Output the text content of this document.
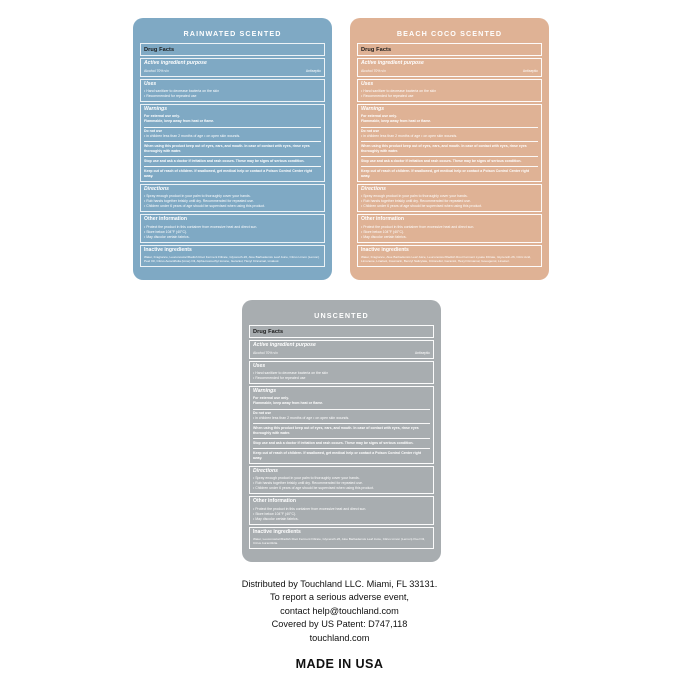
RAINWATED SCENTED
Drug Facts
Active ingredient purpose
Alcohol 70% v/v	Antiseptic
Uses
• Hand sanitizer to decrease bacteria on the skin
• Recommended for repeated use
Warnings
For external use only.
Flammable, keep away from heat or flame.
Do not use
• in children less than 2 months of age • on open skin wounds.
When using this product keep out of eyes, ears, and mouth. In case of contact with eyes, rinse eyes thoroughly with water.
Stop use and ask a doctor if irritation and rash occurs. These may be signs of serious condition.
Keep out of reach of children. If swallowed, get medical help or contact a Poison Control Center right away.
Directions
• Spray enough product in your palm to thoroughly cover your hands.
• Rub hands together briskly until dry. Recommended for repeated use.
• Children under 6 years of age should be supervised when using this product.
Other information
• Protect the product in this container from excessive heat and direct sun.
• Store below 104°F (40°C).
• May discolor certain fabrics.
Inactive ingredients
Water, Fragrance, Leuconostoc/Radish Root Ferment Filtrate, Glycereth-26, Aloe Barbadensis Leaf Juice, Citrus Limon (Lemon) Peel Oil, Citrus Aurantifolia (Lime) Oil, Alpha-Isomethyl Ionone, Geraniol, Hexyl Cinnamal, Linalool.
BEACH COCO SCENTED
Drug Facts
Active ingredient purpose
Alcohol 70% v/v	Antiseptic
Uses
• Hand sanitizer to decrease bacteria on the skin
• Recommended for repeated use
Warnings
For external use only.
Flammable, keep away from heat or flame.
Do not use
• in children less than 2 months of age • on open skin wounds.
When using this product keep out of eyes, ears, and mouth. In case of contact with eyes, rinse eyes thoroughly with water.
Stop use and ask a doctor if irritation and rash occurs. These may be signs of serious condition.
Keep out of reach of children. If swallowed, get medical help or contact a Poison Control Center right away.
Directions
• Spray enough product in your palm to thoroughly cover your hands.
• Rub hands together briskly until dry. Recommended for repeated use.
• Children under 6 years of age should be supervised when using this product.
Other information
• Protect the product in this container from excessive heat and direct sun.
• Store below 104°F (40°C).
• May discolor certain fabrics.
Inactive ingredients
Water, Fragrance, Aloe Barbadensis Leaf Juice, Leuconostoc/Radish Root Ferment Lysate Filtrate, Glycereth-26, Citric Acid, Limonene, Linalool, Coumarin, Benzyl Salicylate, Citronellol, Geraniol, Hexyl Cinnamal, Isoeugenol, Linalool.
UNSCENTED
Drug Facts
Active ingredient purpose
Alcohol 70% v/v	Antiseptic
Uses
• Hand sanitizer to decrease bacteria on the skin
• Recommended for repeated use
Warnings
For external use only.
Flammable, keep away from heat or flame.
Do not use
• in children less than 2 months of age • on open skin wounds.
When using this product keep out of eyes, ears, and mouth. In case of contact with eyes, rinse eyes thoroughly with water.
Stop use and ask a doctor if irritation and rash occurs. These may be signs of serious condition.
Keep out of reach of children. If swallowed, get medical help or contact a Poison Control Center right away.
Directions
• Spray enough product in your palm to thoroughly cover your hands.
• Rub hands together briskly until dry. Recommended for repeated use.
• Children under 6 years of age should be supervised when using this product.
Other information
• Protect the product in this container from excessive heat and direct sun.
• Store below 104°F (40°C).
• May discolor certain fabrics.
Inactive ingredients
Water, Leuconostoc/Radish Root Ferment Filtrate, Glycereth-26, Aloe Barbadensis Leaf Juice, Citrus Limon (Lemon) Peel Oil, Citrus Aurantifolia.

Distributed by Touchland LLC. Miami, FL 33131.

To report a serious adverse event,

contact help@touchland.com

Covered by US Patent: D747,118

touchland.com

MADE IN USA
